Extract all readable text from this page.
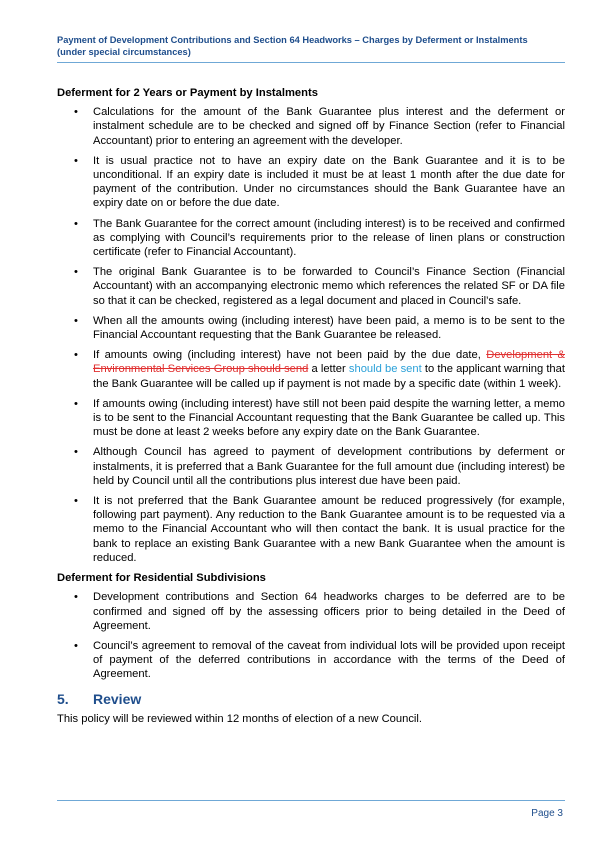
Payment of Development Contributions and Section 64 Headworks – Charges by Deferment or Instalments (under special circumstances)
Deferment for 2 Years or Payment by Instalments
• Calculations for the amount of the Bank Guarantee plus interest and the deferment or instalment schedule are to be checked and signed off by Finance Section (refer to Financial Accountant) prior to entering an agreement with the developer.
• It is usual practice not to have an expiry date on the Bank Guarantee and it is to be unconditional. If an expiry date is included it must be at least 1 month after the due date for payment of the contribution. Under no circumstances should the Bank Guarantee have an expiry date on or before the due date.
• The Bank Guarantee for the correct amount (including interest) is to be received and confirmed as complying with Council’s requirements prior to the release of linen plans or construction certificate (refer to Financial Accountant).
• The original Bank Guarantee is to be forwarded to Council’s Finance Section (Financial Accountant) with an accompanying electronic memo which references the related SF or DA file so that it can be checked, registered as a legal document and placed in Council’s safe.
• When all the amounts owing (including interest) have been paid, a memo is to be sent to the Financial Accountant requesting that the Bank Guarantee be released.
• If amounts owing (including interest) have not been paid by the due date, Development & Environmental Services Group should send a letter should be sent to the applicant warning that the Bank Guarantee will be called up if payment is not made by a specific date (within 1 week).
• If amounts owing (including interest) have still not been paid despite the warning letter, a memo is to be sent to the Financial Accountant requesting that the Bank Guarantee be called up. This must be done at least 2 weeks before any expiry date on the Bank Guarantee.
• Although Council has agreed to payment of development contributions by deferment or instalments, it is preferred that a Bank Guarantee for the full amount due (including interest) be held by Council until all the contributions plus interest due have been paid.
• It is not preferred that the Bank Guarantee amount be reduced progressively (for example, following part payment). Any reduction to the Bank Guarantee amount is to be requested via a memo to the Financial Accountant who will then contact the bank. It is usual practice for the bank to replace an existing Bank Guarantee with a new Bank Guarantee when the amount is reduced.
Deferment for Residential Subdivisions
• Development contributions and Section 64 headworks charges to be deferred are to be confirmed and signed off by the assessing officers prior to being detailed in the Deed of Agreement.
• Council’s agreement to removal of the caveat from individual lots will be provided upon receipt of payment of the deferred contributions in accordance with the terms of the Deed of Agreement.
5. Review
This policy will be reviewed within 12 months of election of a new Council.
Page 3
